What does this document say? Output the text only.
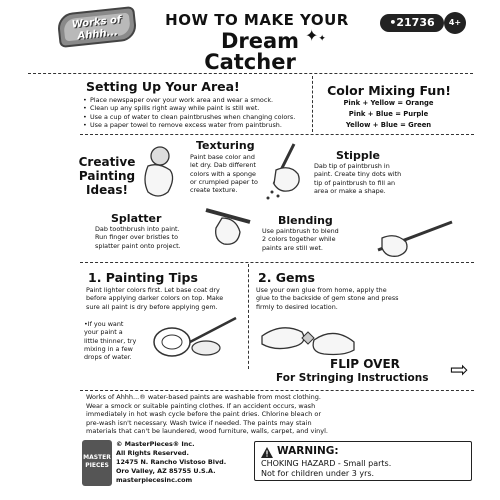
Works of Ahhh...
HOW TO MAKE YOUR
Dream
Catcher
✦✦
•21736	4+
Setting Up Your Area!
• Place newspaper over your work area and wear a smock.
• Clean up any spills right away while paint is still wet.
• Use a cup of water to clean paintbrushes when changing colors.
• Use a paper towel to remove excess water from paintbrush.
Color Mixing Fun!
Pink + Yellow = Orange
Pink + Blue = Purple
Yellow + Blue = Green
Creative
Painting
Ideas!
Texturing
Paint base color and
let dry. Dab different
colors with a sponge
or crumpled paper to
create texture.
Stipple
Dab tip of paintbrush in
paint. Create tiny dots with
tip of paintbrush to fill an
area or make a shape.
Splatter
Dab toothbrush into paint.
Run finger over bristles to
splatter paint onto project.
Blending
Use paintbrush to blend
2 colors together while
paints are still wet.
1. Painting Tips
Paint lighter colors first. Let base coat dry
before applying darker colors on top. Make
sure all paint is dry before applying gem.
•If you want
your paint a
little thinner, try
mixing in a few
drops of water.
2. Gems
Use your own glue from home, apply the
glue to the backside of gem stone and press
firmly to desired location.
FLIP OVER
For Stringing Instructions ⇨
Works of Ahhh...® water-based paints are washable from most clothing.
Wear a smock or suitable painting clothes. If an accident occurs, wash
immediately in hot wash cycle before the paint dries. Chlorine bleach or
pre-wash isn't necessary. Wash twice if needed. The paints may stain
materials that can't be laundered, wood furniture, walls, carpet, and vinyl.
MASTER
PIECES
© MasterPieces® Inc.
All Rights Reserved.
12475 N. Rancho Vistoso Blvd.
Oro Valley, AZ 85755 U.S.A.
masterpiecesinc.com
WARNING:
CHOKING HAZARD - Small parts.
Not for children under 3 yrs.
